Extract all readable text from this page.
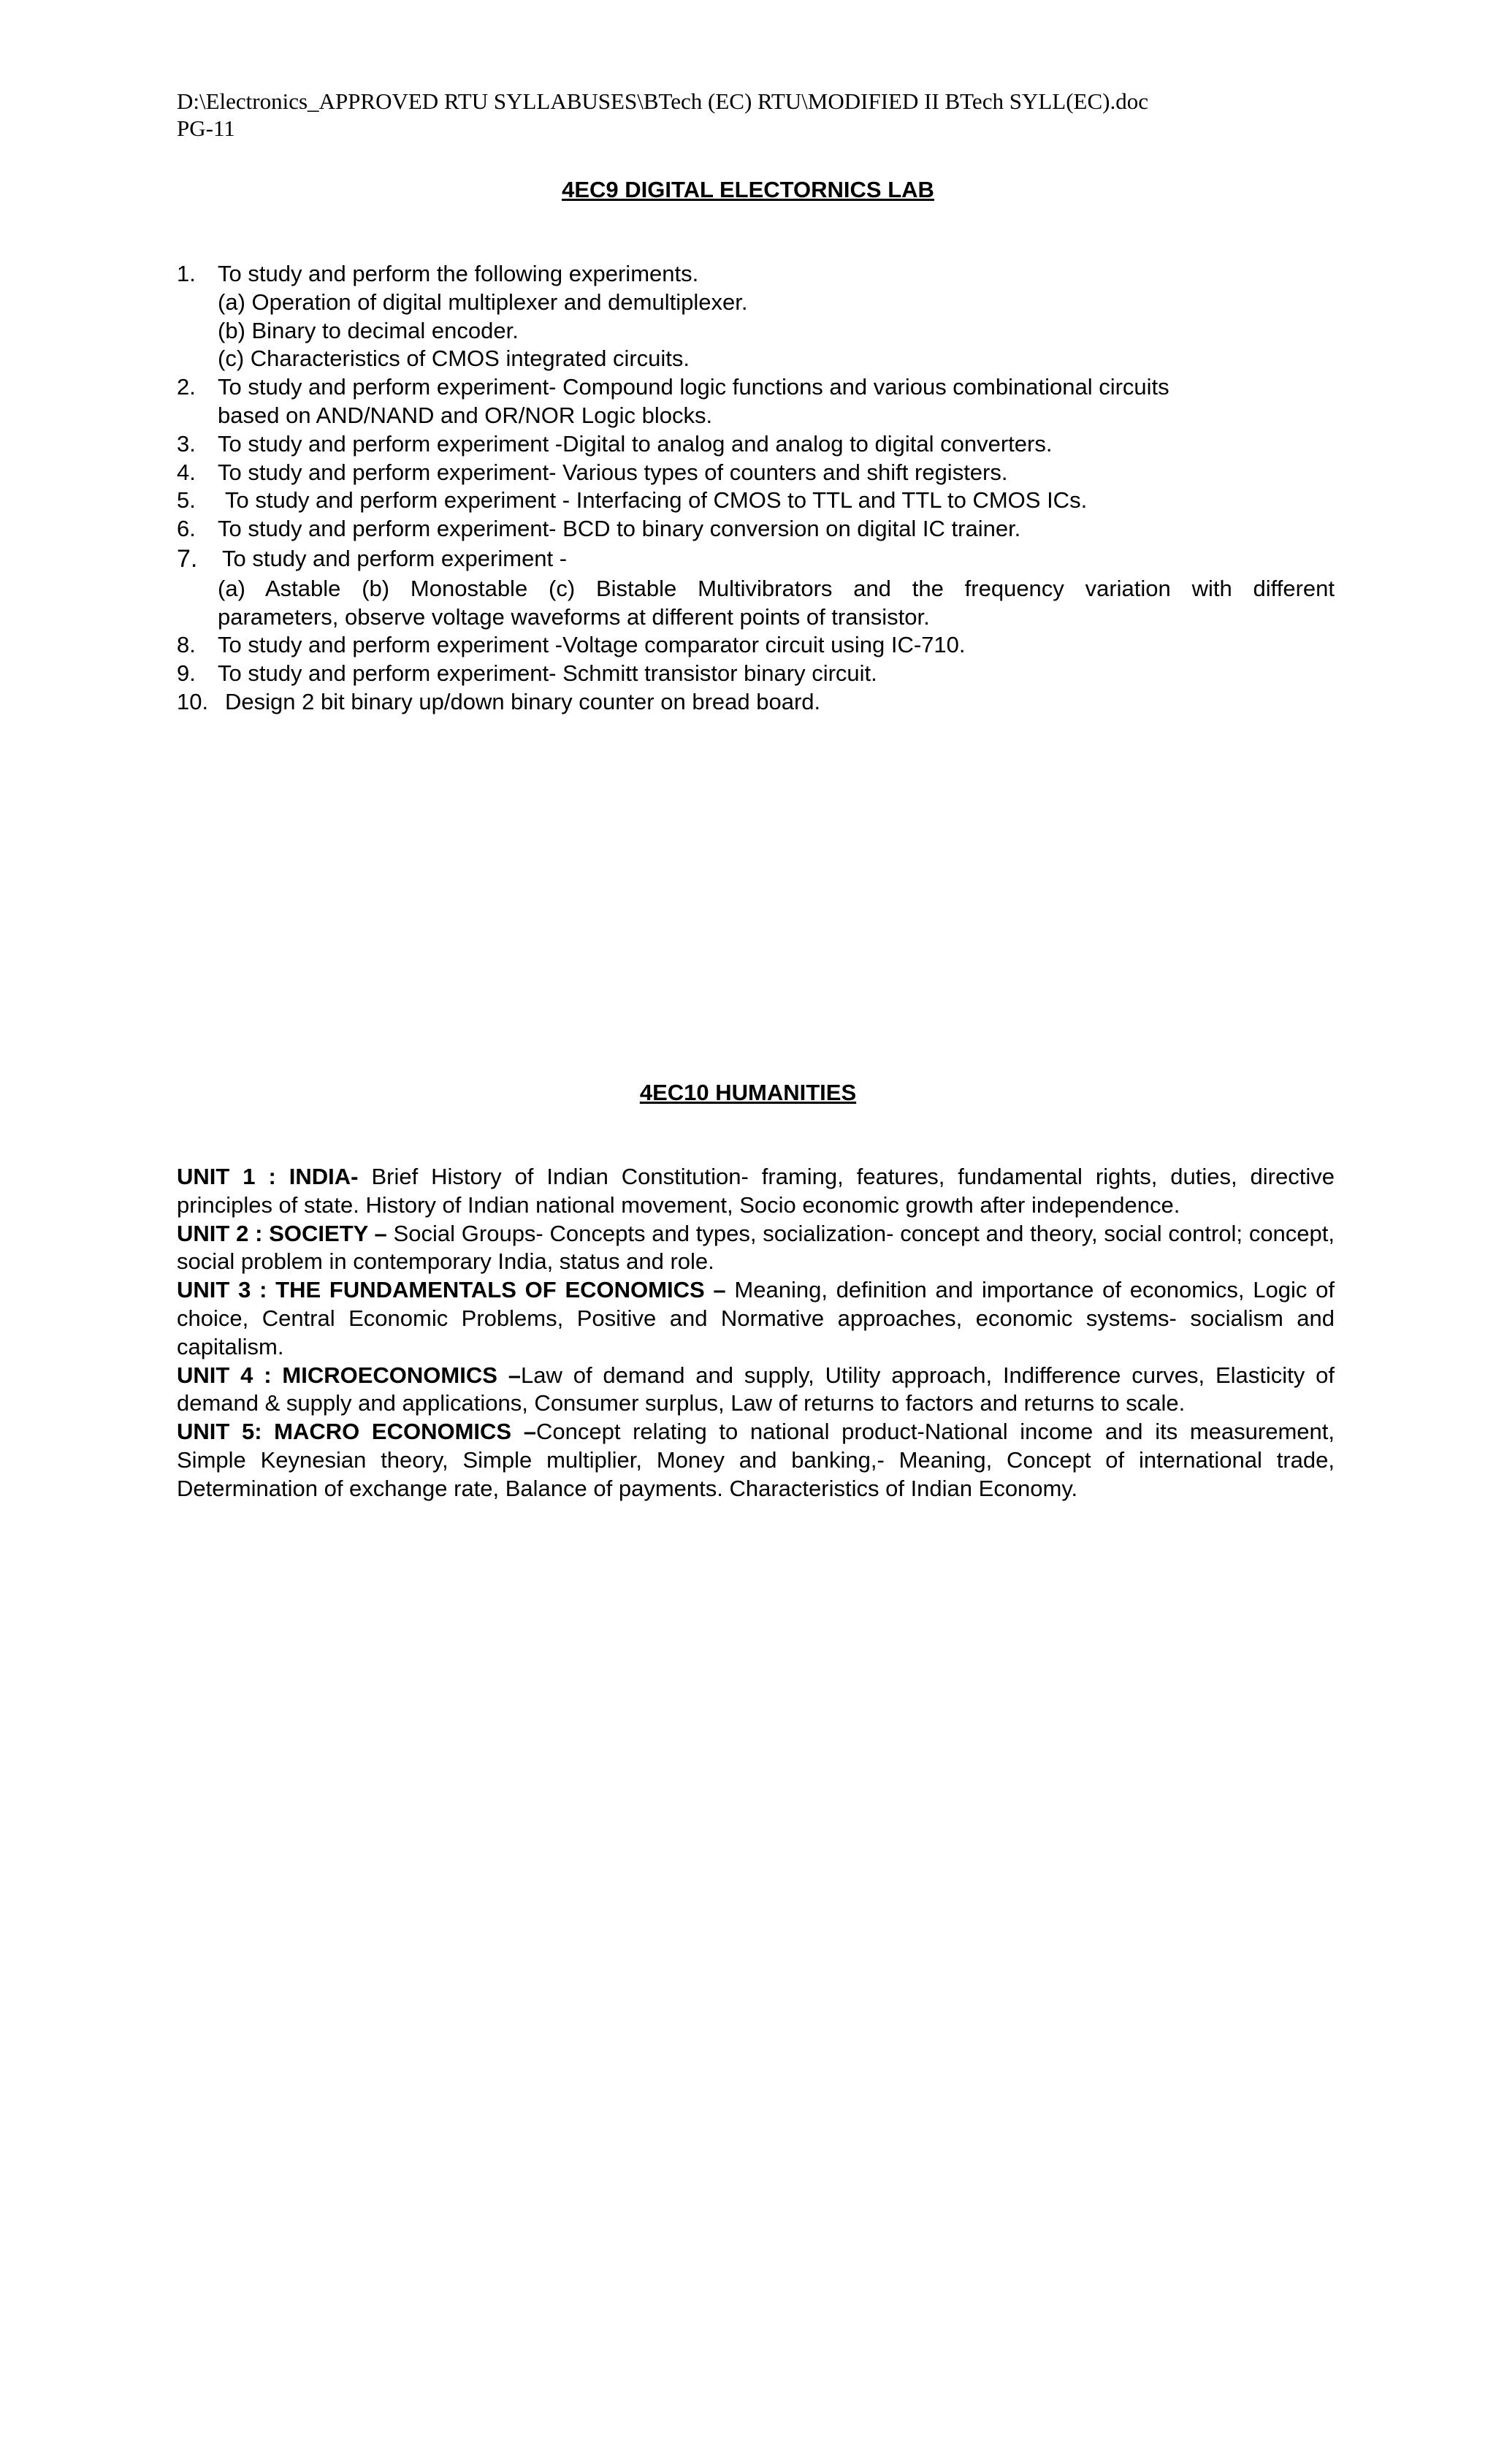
D:\Electronics_APPROVED RTU SYLLABUSES\BTech (EC) RTU\MODIFIED II BTech SYLL(EC).doc
PG-11
4EC9 DIGITAL ELECTORNICS LAB
1. To study and perform the following experiments.
(a) Operation of digital multiplexer and demultiplexer.
(b) Binary to decimal encoder.
(c) Characteristics of CMOS integrated circuits.
2. To study and perform experiment- Compound logic functions and various combinational circuits
based on AND/NAND and OR/NOR Logic blocks.
3. To study and perform experiment -Digital to analog and analog to digital converters.
4. To study and perform experiment- Various types of counters and shift registers.
5. To study and perform experiment - Interfacing of CMOS to TTL and TTL to CMOS ICs.
6. To study and perform experiment- BCD to binary conversion on digital IC trainer.
7. To study and perform experiment -
(a) Astable (b) Monostable (c) Bistable Multivibrators and the frequency variation with different
parameters, observe voltage waveforms at different points of transistor.
8. To study and perform experiment -Voltage comparator circuit using IC-710.
9. To study and perform experiment- Schmitt transistor binary circuit.
10. Design 2 bit binary up/down binary counter on bread board.
4EC10 HUMANITIES

UNIT 1 : INDIA- Brief History of Indian Constitution- framing, features, fundamental rights, duties, directive principles of state. History of Indian national movement, Socio economic growth after independence.

UNIT 2 : SOCIETY – Social Groups- Concepts and types, socialization- concept and theory, social control; concept, social problem in contemporary India, status and role.

UNIT 3 : THE FUNDAMENTALS OF ECONOMICS – Meaning, definition and importance of economics, Logic of choice, Central Economic Problems, Positive and Normative approaches, economic systems- socialism and capitalism.

UNIT 4 : MICROECONOMICS –Law of demand and supply, Utility approach, Indifference curves, Elasticity of demand & supply and applications, Consumer surplus, Law of returns to factors and returns to scale.

UNIT 5: MACRO ECONOMICS –Concept relating to national product-National income and its measurement, Simple Keynesian theory, Simple multiplier, Money and banking,- Meaning, Concept of international trade, Determination of exchange rate, Balance of payments. Characteristics of Indian Economy.
